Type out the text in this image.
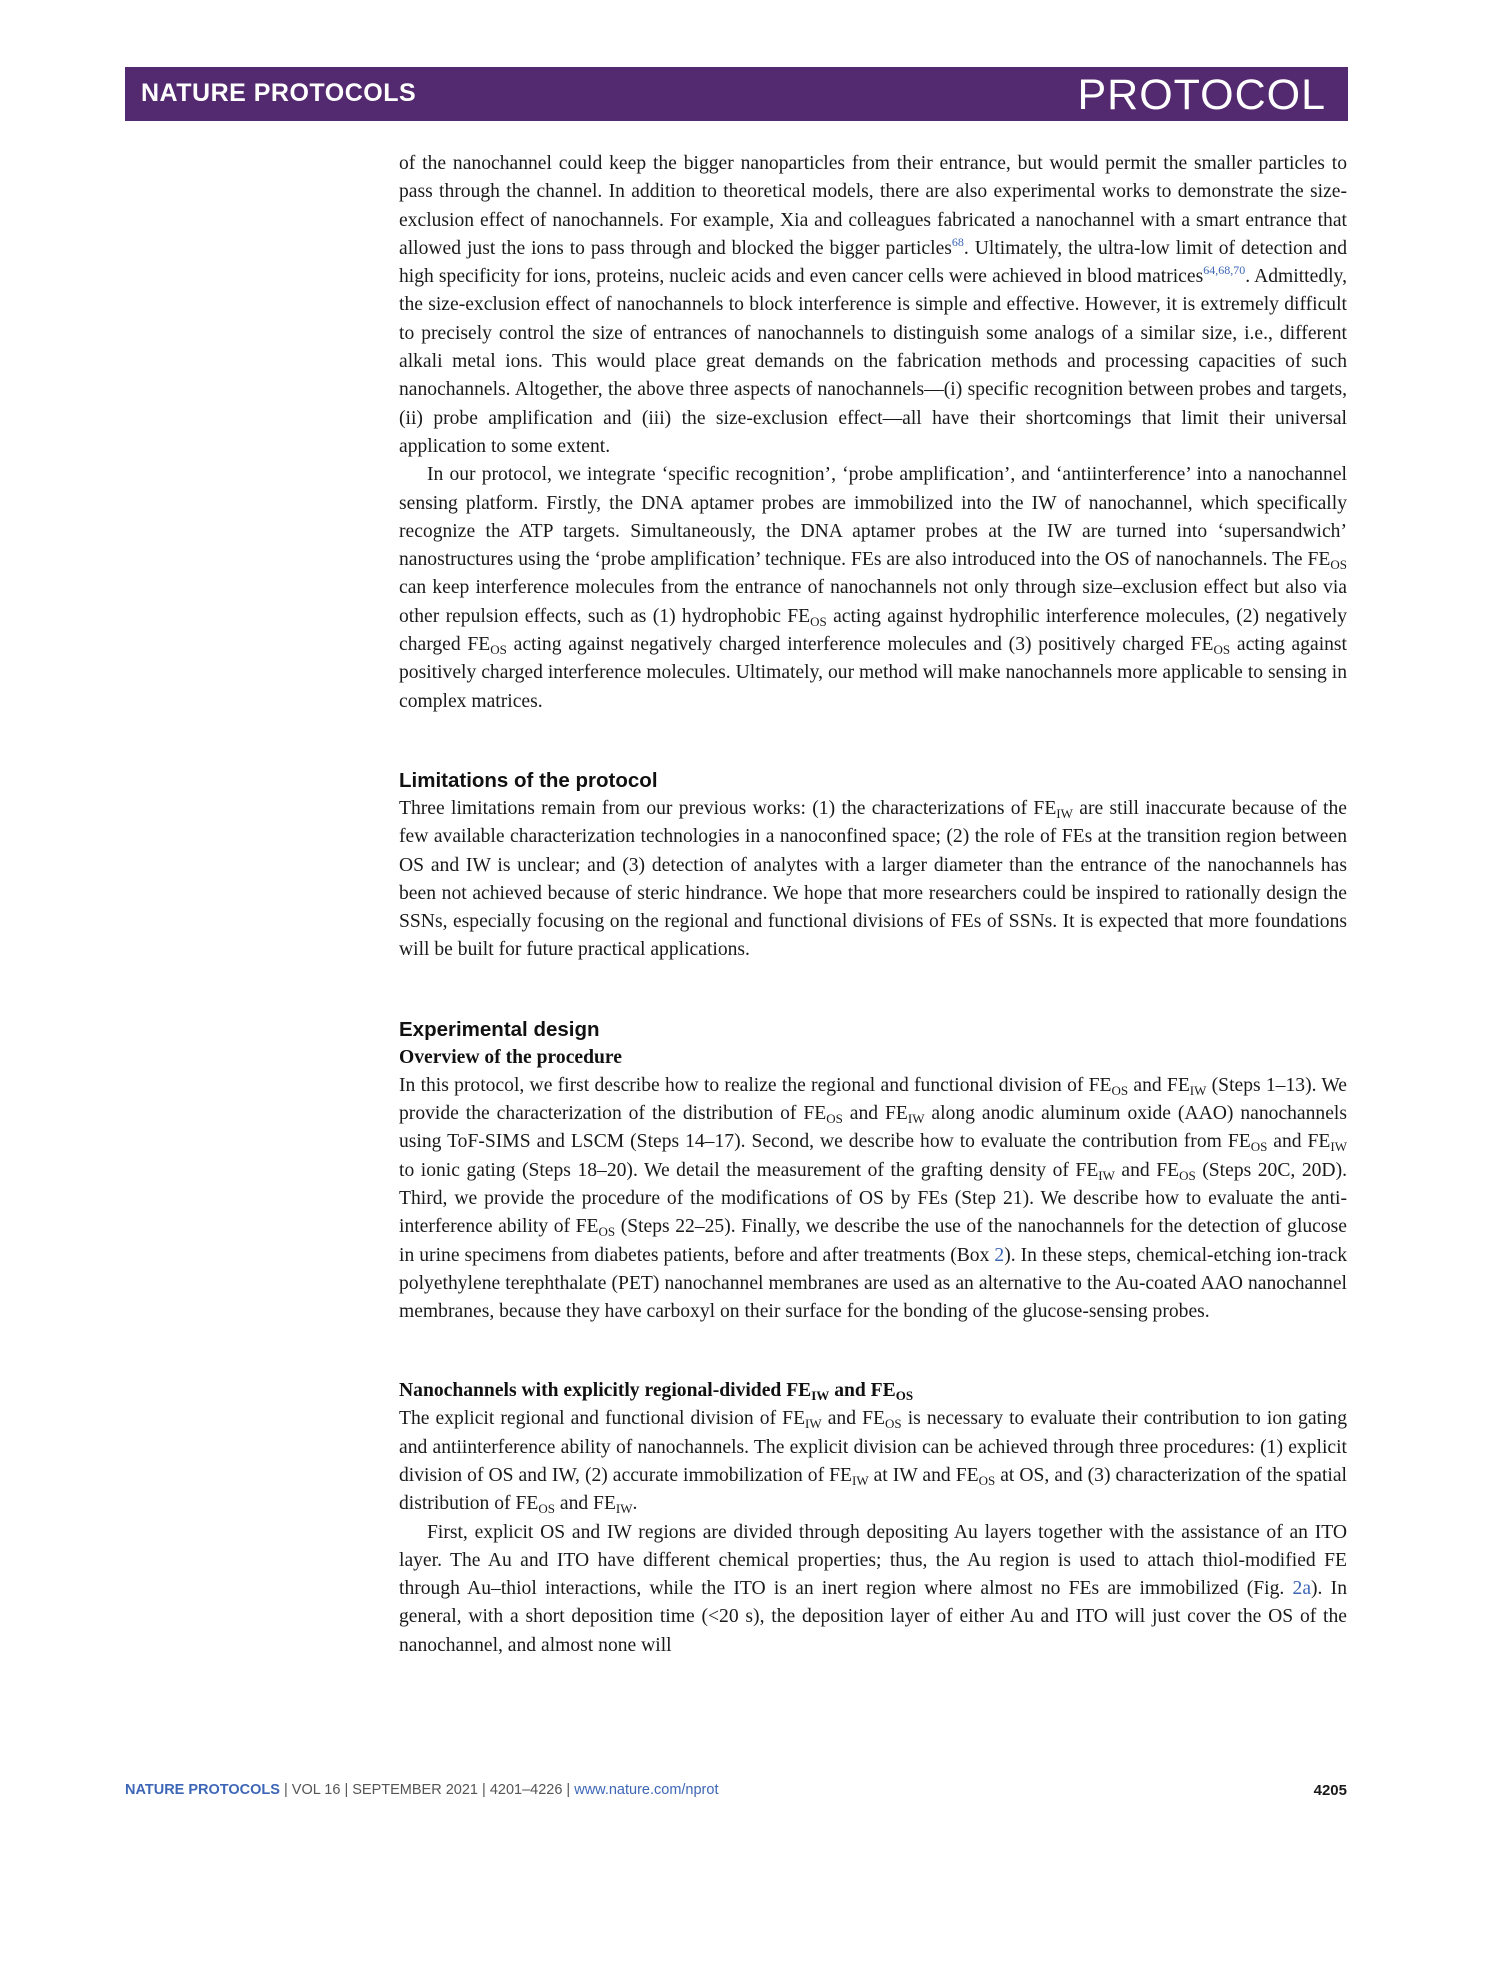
NATURE PROTOCOLS	PROTOCOL

of the nanochannel could keep the bigger nanoparticles from their entrance, but would permit the smaller particles to pass through the channel. In addition to theoretical models, there are also experimental works to demonstrate the size-exclusion effect of nanochannels. For example, Xia and colleagues fabricated a nanochannel with a smart entrance that allowed just the ions to pass through and blocked the bigger particles$^{68}$. Ultimately, the ultra-low limit of detection and high specificity for ions, proteins, nucleic acids and even cancer cells were achieved in blood matrices$^{64,68,70}$. Admittedly, the size-exclusion effect of nanochannels to block interference is simple and effective. However, it is extremely difficult to precisely control the size of entrances of nanochannels to distinguish some analogs of a similar size, i.e., different alkali metal ions. This would place great demands on the fabrication methods and processing capacities of such nanochannels. Altogether, the above three aspects of nanochannels—(i) specific recognition between probes and targets, (ii) probe amplification and (iii) the size-exclusion effect—all have their shortcomings that limit their universal application to some extent.

In our protocol, we integrate ‘specific recognition’, ‘probe amplification’, and ‘antiinterference’ into a nanochannel sensing platform. Firstly, the DNA aptamer probes are immobilized into the IW of nanochannel, which specifically recognize the ATP targets. Simultaneously, the DNA aptamer probes at the IW are turned into ‘supersandwich’ nanostructures using the ‘probe amplification’ technique. FEs are also introduced into the OS of nanochannels. The $FE_{OS}$ can keep interference molecules from the entrance of nanochannels not only through size–exclusion effect but also via other repulsion effects, such as (1) hydrophobic $FE_{OS}$ acting against hydrophilic interference molecules, (2) negatively charged $FE_{OS}$ acting against negatively charged interference molecules and (3) positively charged $FE_{OS}$ acting against positively charged interference molecules. Ultimately, our method will make nanochannels more applicable to sensing in complex matrices.

Limitations of the protocol

Three limitations remain from our previous works: (1) the characterizations of $FE_{IW}$ are still inaccurate because of the few available characterization technologies in a nanoconfined space; (2) the role of FEs at the transition region between OS and IW is unclear; and (3) detection of analytes with a larger diameter than the entrance of the nanochannels has been not achieved because of steric hindrance. We hope that more researchers could be inspired to rationally design the SSNs, especially focusing on the regional and functional divisions of FEs of SSNs. It is expected that more foundations will be built for future practical applications.

Experimental design
Overview of the procedure

In this protocol, we first describe how to realize the regional and functional division of $FE_{OS}$ and $FE_{IW}$ (Steps 1–13). We provide the characterization of the distribution of $FE_{OS}$ and $FE_{IW}$ along anodic aluminum oxide (AAO) nanochannels using ToF-SIMS and LSCM (Steps 14–17). Second, we describe how to evaluate the contribution from $FE_{OS}$ and $FE_{IW}$ to ionic gating (Steps 18–20). We detail the measurement of the grafting density of $FE_{IW}$ and $FE_{OS}$ (Steps 20C, 20D). Third, we provide the procedure of the modifications of OS by FEs (Step 21). We describe how to evaluate the anti-interference ability of $FE_{OS}$ (Steps 22–25). Finally, we describe the use of the nanochannels for the detection of glucose in urine specimens from diabetes patients, before and after treatments (Box 2). In these steps, chemical-etching ion-track polyethylene terephthalate (PET) nanochannel membranes are used as an alternative to the Au-coated AAO nanochannel membranes, because they have carboxyl on their surface for the bonding of the glucose-sensing probes.

Nanochannels with explicitly regional-divided $FE_{IW}$ and $FE_{OS}$

The explicit regional and functional division of $FE_{IW}$ and $FE_{OS}$ is necessary to evaluate their contribution to ion gating and antiinterference ability of nanochannels. The explicit division can be achieved through three procedures: (1) explicit division of OS and IW, (2) accurate immobilization of $FE_{IW}$ at IW and $FE_{OS}$ at OS, and (3) characterization of the spatial distribution of $FE_{OS}$ and $FE_{IW}$.

First, explicit OS and IW regions are divided through depositing Au layers together with the assistance of an ITO layer. The Au and ITO have different chemical properties; thus, the Au region is used to attach thiol-modified FE through Au–thiol interactions, while the ITO is an inert region where almost no FEs are immobilized (Fig. 2a). In general, with a short deposition time (<20 s), the deposition layer of either Au and ITO will just cover the OS of the nanochannel, and almost none will

NATURE PROTOCOLS | VOL 16 | SEPTEMBER 2021 | 4201–4226 | www.nature.com/nprot	4205
